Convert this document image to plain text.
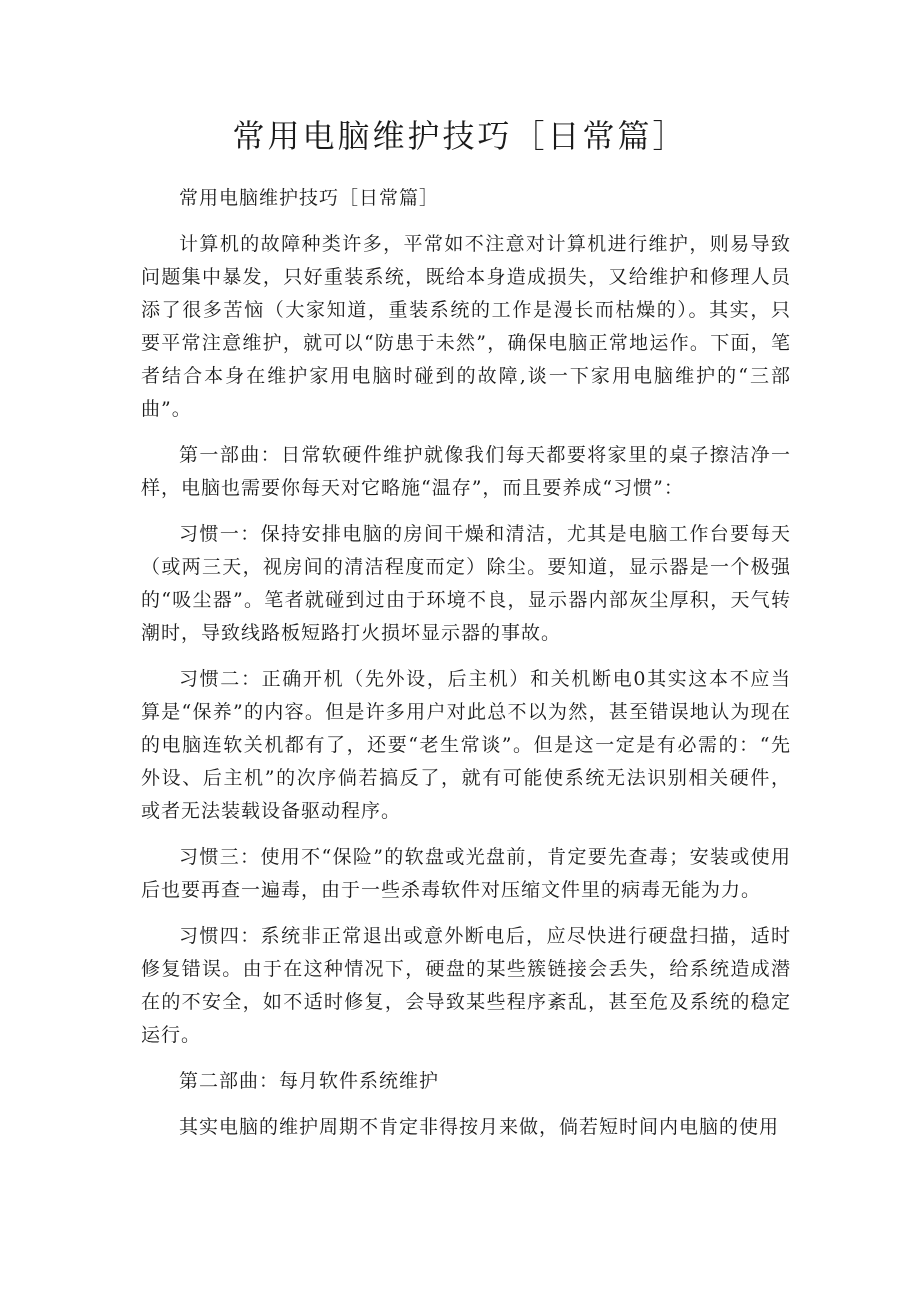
常用电脑维护技巧［日常篇］

常用电脑维护技巧［日常篇］

计算机的故障种类许多，平常如不注意对计算机进行维护，则易导致问题集中暴发，只好重装系统，既给本身造成损失，又给维护和修理人员添了很多苦恼（大家知道，重装系统的工作是漫长而枯燥的）。其实，只要平常注意维护，就可以“防患于未然”，确保电脑正常地运作。下面，笔者结合本身在维护家用电脑时碰到的故障,谈一下家用电脑维护的“三部曲”。

第一部曲：日常软硬件维护就像我们每天都要将家里的桌子擦洁净一样，电脑也需要你每天对它略施“温存”，而且要养成“习惯”：

习惯一：保持安排电脑的房间干燥和清洁，尤其是电脑工作台要每天（或两三天，视房间的清洁程度而定）除尘。要知道，显示器是一个极强的“吸尘器”。笔者就碰到过由于环境不良，显示器内部灰尘厚积，天气转潮时，导致线路板短路打火损坏显示器的事故。

习惯二：正确开机（先外设，后主机）和关机断电0其实这本不应当算是“保养”的内容。但是许多用户对此总不以为然，甚至错误地认为现在的电脑连软关机都有了，还要“老生常谈”。但是这一定是有必需的：“先外设、后主机”的次序倘若搞反了，就有可能使系统无法识别相关硬件，或者无法装载设备驱动程序。

习惯三：使用不“保险”的软盘或光盘前，肯定要先查毒；安装或使用后也要再查一遍毒，由于一些杀毒软件对压缩文件里的病毒无能为力。

习惯四：系统非正常退出或意外断电后，应尽快进行硬盘扫描，适时修复错误。由于在这种情况下，硬盘的某些簇链接会丢失，给系统造成潜在的不安全，如不适时修复，会导致某些程序紊乱，甚至危及系统的稳定运行。

第二部曲：每月软件系统维护

其实电脑的维护周期不肯定非得按月来做，倘若短时间内电脑的使用
